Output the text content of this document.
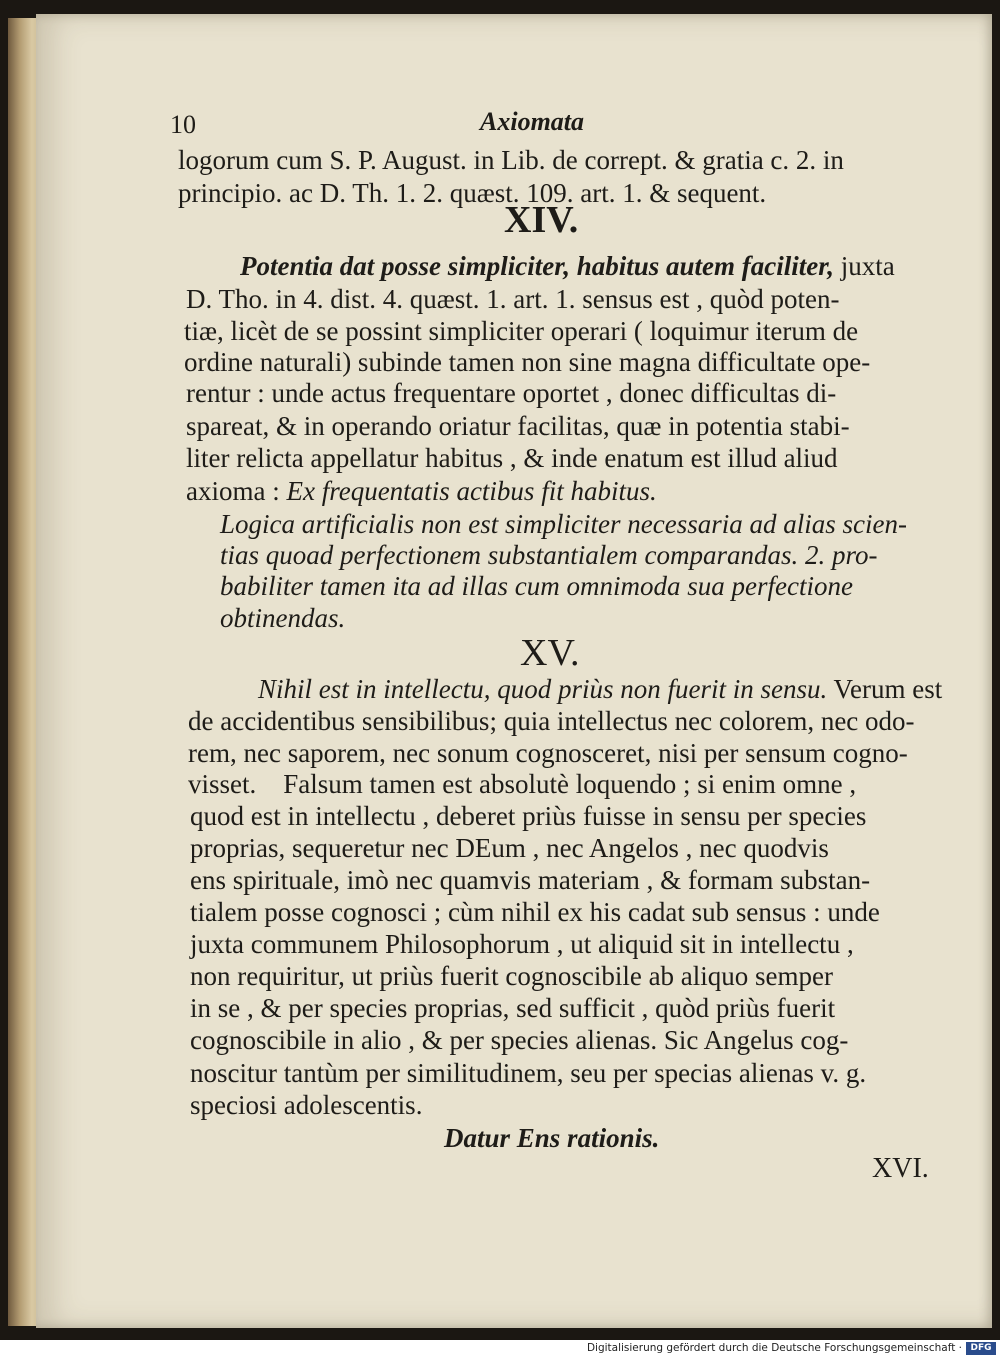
10	Axiomata
logorum cum S. P. August. in Lib. de corrept. & gratia c. 2. in
principio. ac D. Th. 1. 2. quæst. 109. art. 1. & sequent.
XIV.
Potentia dat posse simpliciter, habitus autem faciliter, juxta
D. Tho. in 4. dist. 4. quæst. 1. art. 1. sensus est , quòd poten-
tiæ, licèt de se possint simpliciter operari ( loquimur iterum de
ordine naturali) subinde tamen non sine magna difficultate ope-
rentur : unde actus frequentare oportet , donec difficultas di-
spareat, & in operando oriatur facilitas, quæ in potentia stabi-
liter relicta appellatur habitus , & inde enatum est illud aliud
axioma : Ex frequentatis actibus fit habitus.
Logica artificialis non est simpliciter necessaria ad alias scien-
tias quoad perfectionem substantialem comparandas. 2. pro-
babiliter tamen ita ad illas cum omnimoda sua perfectione
obtinendas.
XV.
Nihil est in intellectu, quod priùs non fuerit in sensu. Verum est
de accidentibus sensibilibus; quia intellectus nec colorem, nec odo-
rem, nec saporem, nec sonum cognosceret, nisi per sensum cogno-
visset.    Falsum tamen est absolutè loquendo ; si enim omne ,
quod est in intellectu , deberet priùs fuisse in sensu per species
proprias, sequeretur nec DEum , nec Angelos , nec quodvis
ens spirituale, imò nec quamvis materiam , & formam substan-
tialem posse cognosci ; cùm nihil ex his cadat sub sensus : unde
juxta communem Philosophorum , ut aliquid sit in intellectu ,
non requiritur, ut priùs fuerit cognoscibile ab aliquo semper
in se , & per species proprias, sed sufficit , quòd priùs fuerit
cognoscibile in alio , & per species alienas. Sic Angelus cog-
noscitur tantùm per similitudinem, seu per specias alienas v. g.
speciosi adolescentis.
Datur Ens rationis.
XVI.
Digitalisierung gefördert durch die Deutsche Forschungsgemeinschaft · DFG
